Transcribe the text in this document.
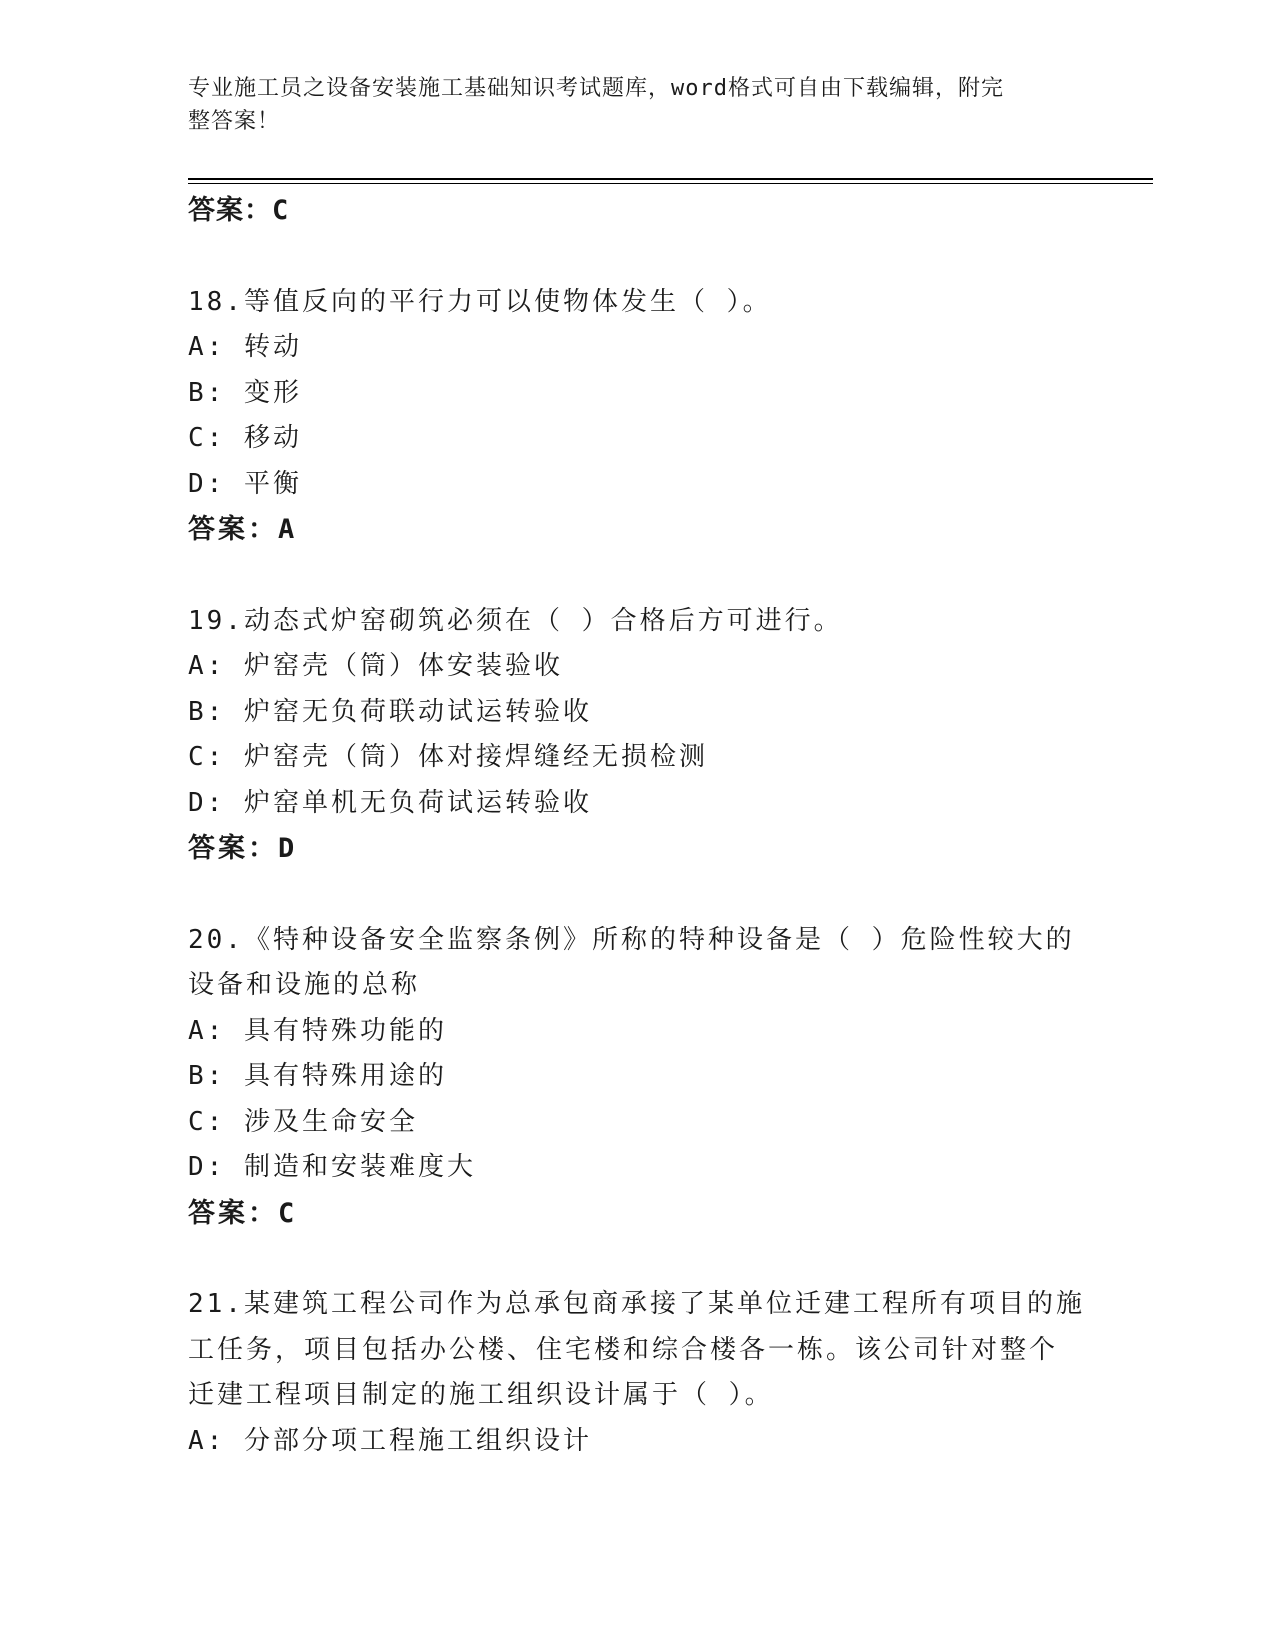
专业施工员之设备安装施工基础知识考试题库，word格式可自由下载编辑，附完
整答案！
答案：C
18.等值反向的平行力可以使物体发生（ ）。
A: 转动
B: 变形
C: 移动
D: 平衡
答案：A
19.动态式炉窑砌筑必须在（ ）合格后方可进行。
A: 炉窑壳（筒）体安装验收
B: 炉窑无负荷联动试运转验收
C: 炉窑壳（筒）体对接焊缝经无损检测
D: 炉窑单机无负荷试运转验收
答案：D
20.《特种设备安全监察条例》所称的特种设备是（ ）危险性较大的
设备和设施的总称
A: 具有特殊功能的
B: 具有特殊用途的
C: 涉及生命安全
D: 制造和安装难度大
答案：C
21.某建筑工程公司作为总承包商承接了某单位迁建工程所有项目的施
工任务，项目包括办公楼、住宅楼和综合楼各一栋。该公司针对整个
迁建工程项目制定的施工组织设计属于（ ）。
A: 分部分项工程施工组织设计
